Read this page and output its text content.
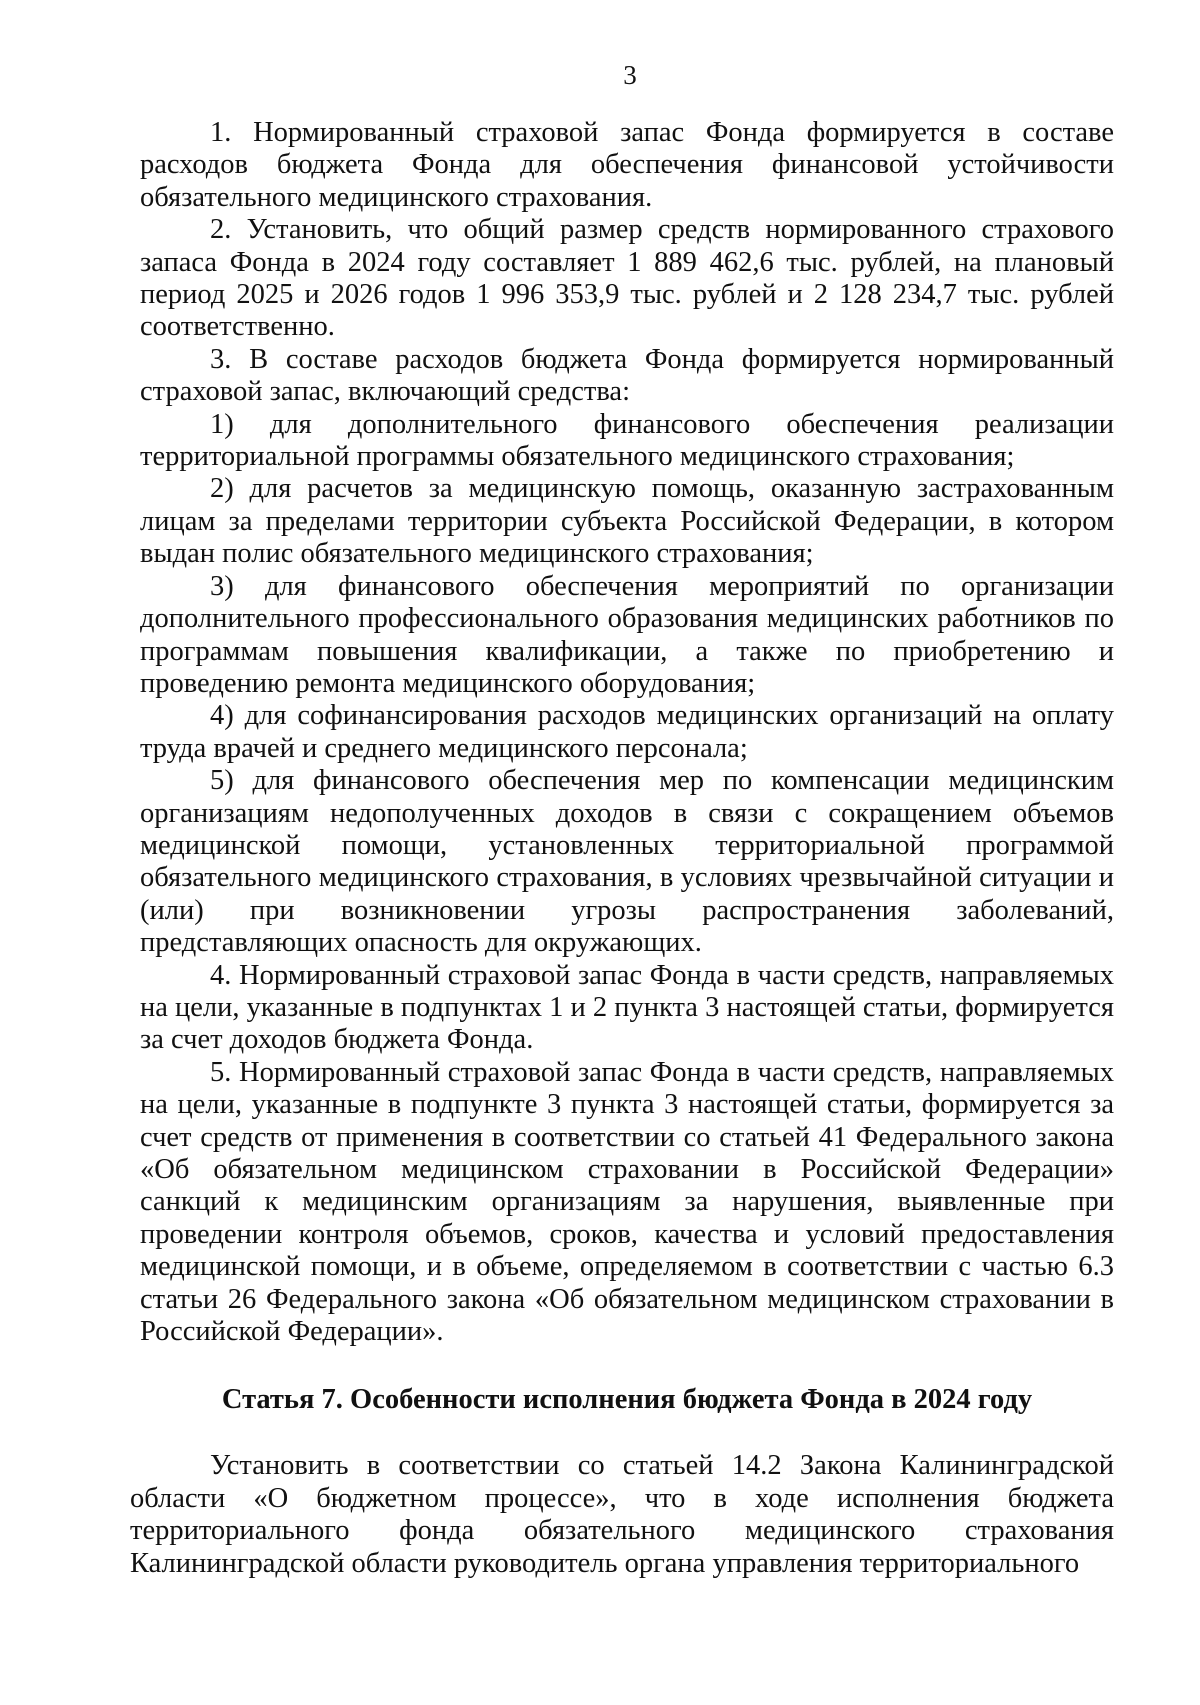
3

1. Нормированный страховой запас Фонда формируется в составе расходов бюджета Фонда для обеспечения финансовой устойчивости обязательного медицинского страхования.

2. Установить, что общий размер средств нормированного страхового запаса Фонда в 2024 году составляет 1 889 462,6 тыс. рублей, на плановый период 2025 и 2026 годов 1 996 353,9 тыс. рублей и 2 128 234,7 тыс. рублей соответственно.

3. В составе расходов бюджета Фонда формируется нормированный страховой запас, включающий средства:

1) для дополнительного финансового обеспечения реализации территориальной программы обязательного медицинского страхования;

2) для расчетов за медицинскую помощь, оказанную застрахованным лицам за пределами территории субъекта Российской Федерации, в котором выдан полис обязательного медицинского страхования;

3) для финансового обеспечения мероприятий по организации дополнительного профессионального образования медицинских работников по программам повышения квалификации, а также по приобретению и проведению ремонта медицинского оборудования;

4) для софинансирования расходов медицинских организаций на оплату труда врачей и среднего медицинского персонала;

5) для финансового обеспечения мер по компенсации медицинским организациям недополученных доходов в связи с сокращением объемов медицинской помощи, установленных территориальной программой обязательного медицинского страхования, в условиях чрезвычайной ситуации и (или) при возникновении угрозы распространения заболеваний, представляющих опасность для окружающих.

4. Нормированный страховой запас Фонда в части средств, направляемых на цели, указанные в подпунктах 1 и 2 пункта 3 настоящей статьи, формируется за счет доходов бюджета Фонда.

5. Нормированный страховой запас Фонда в части средств, направляемых на цели, указанные в подпункте 3 пункта 3 настоящей статьи, формируется за счет средств от применения в соответствии со статьей 41 Федерального закона «Об обязательном медицинском страховании в Российской Федерации» санкций к медицинским организациям за нарушения, выявленные при проведении контроля объемов, сроков, качества и условий предоставления медицинской помощи, и в объеме, определяемом в соответствии с частью 6.3 статьи 26 Федерального закона «Об обязательном медицинском страховании в Российской Федерации».

Статья 7. Особенности исполнения бюджета Фонда в 2024 году

Установить в соответствии со статьей 14.2 Закона Калининградской области «О бюджетном процессе», что в ходе исполнения бюджета территориального фонда обязательного медицинского страхования Калининградской области руководитель органа управления территориального
